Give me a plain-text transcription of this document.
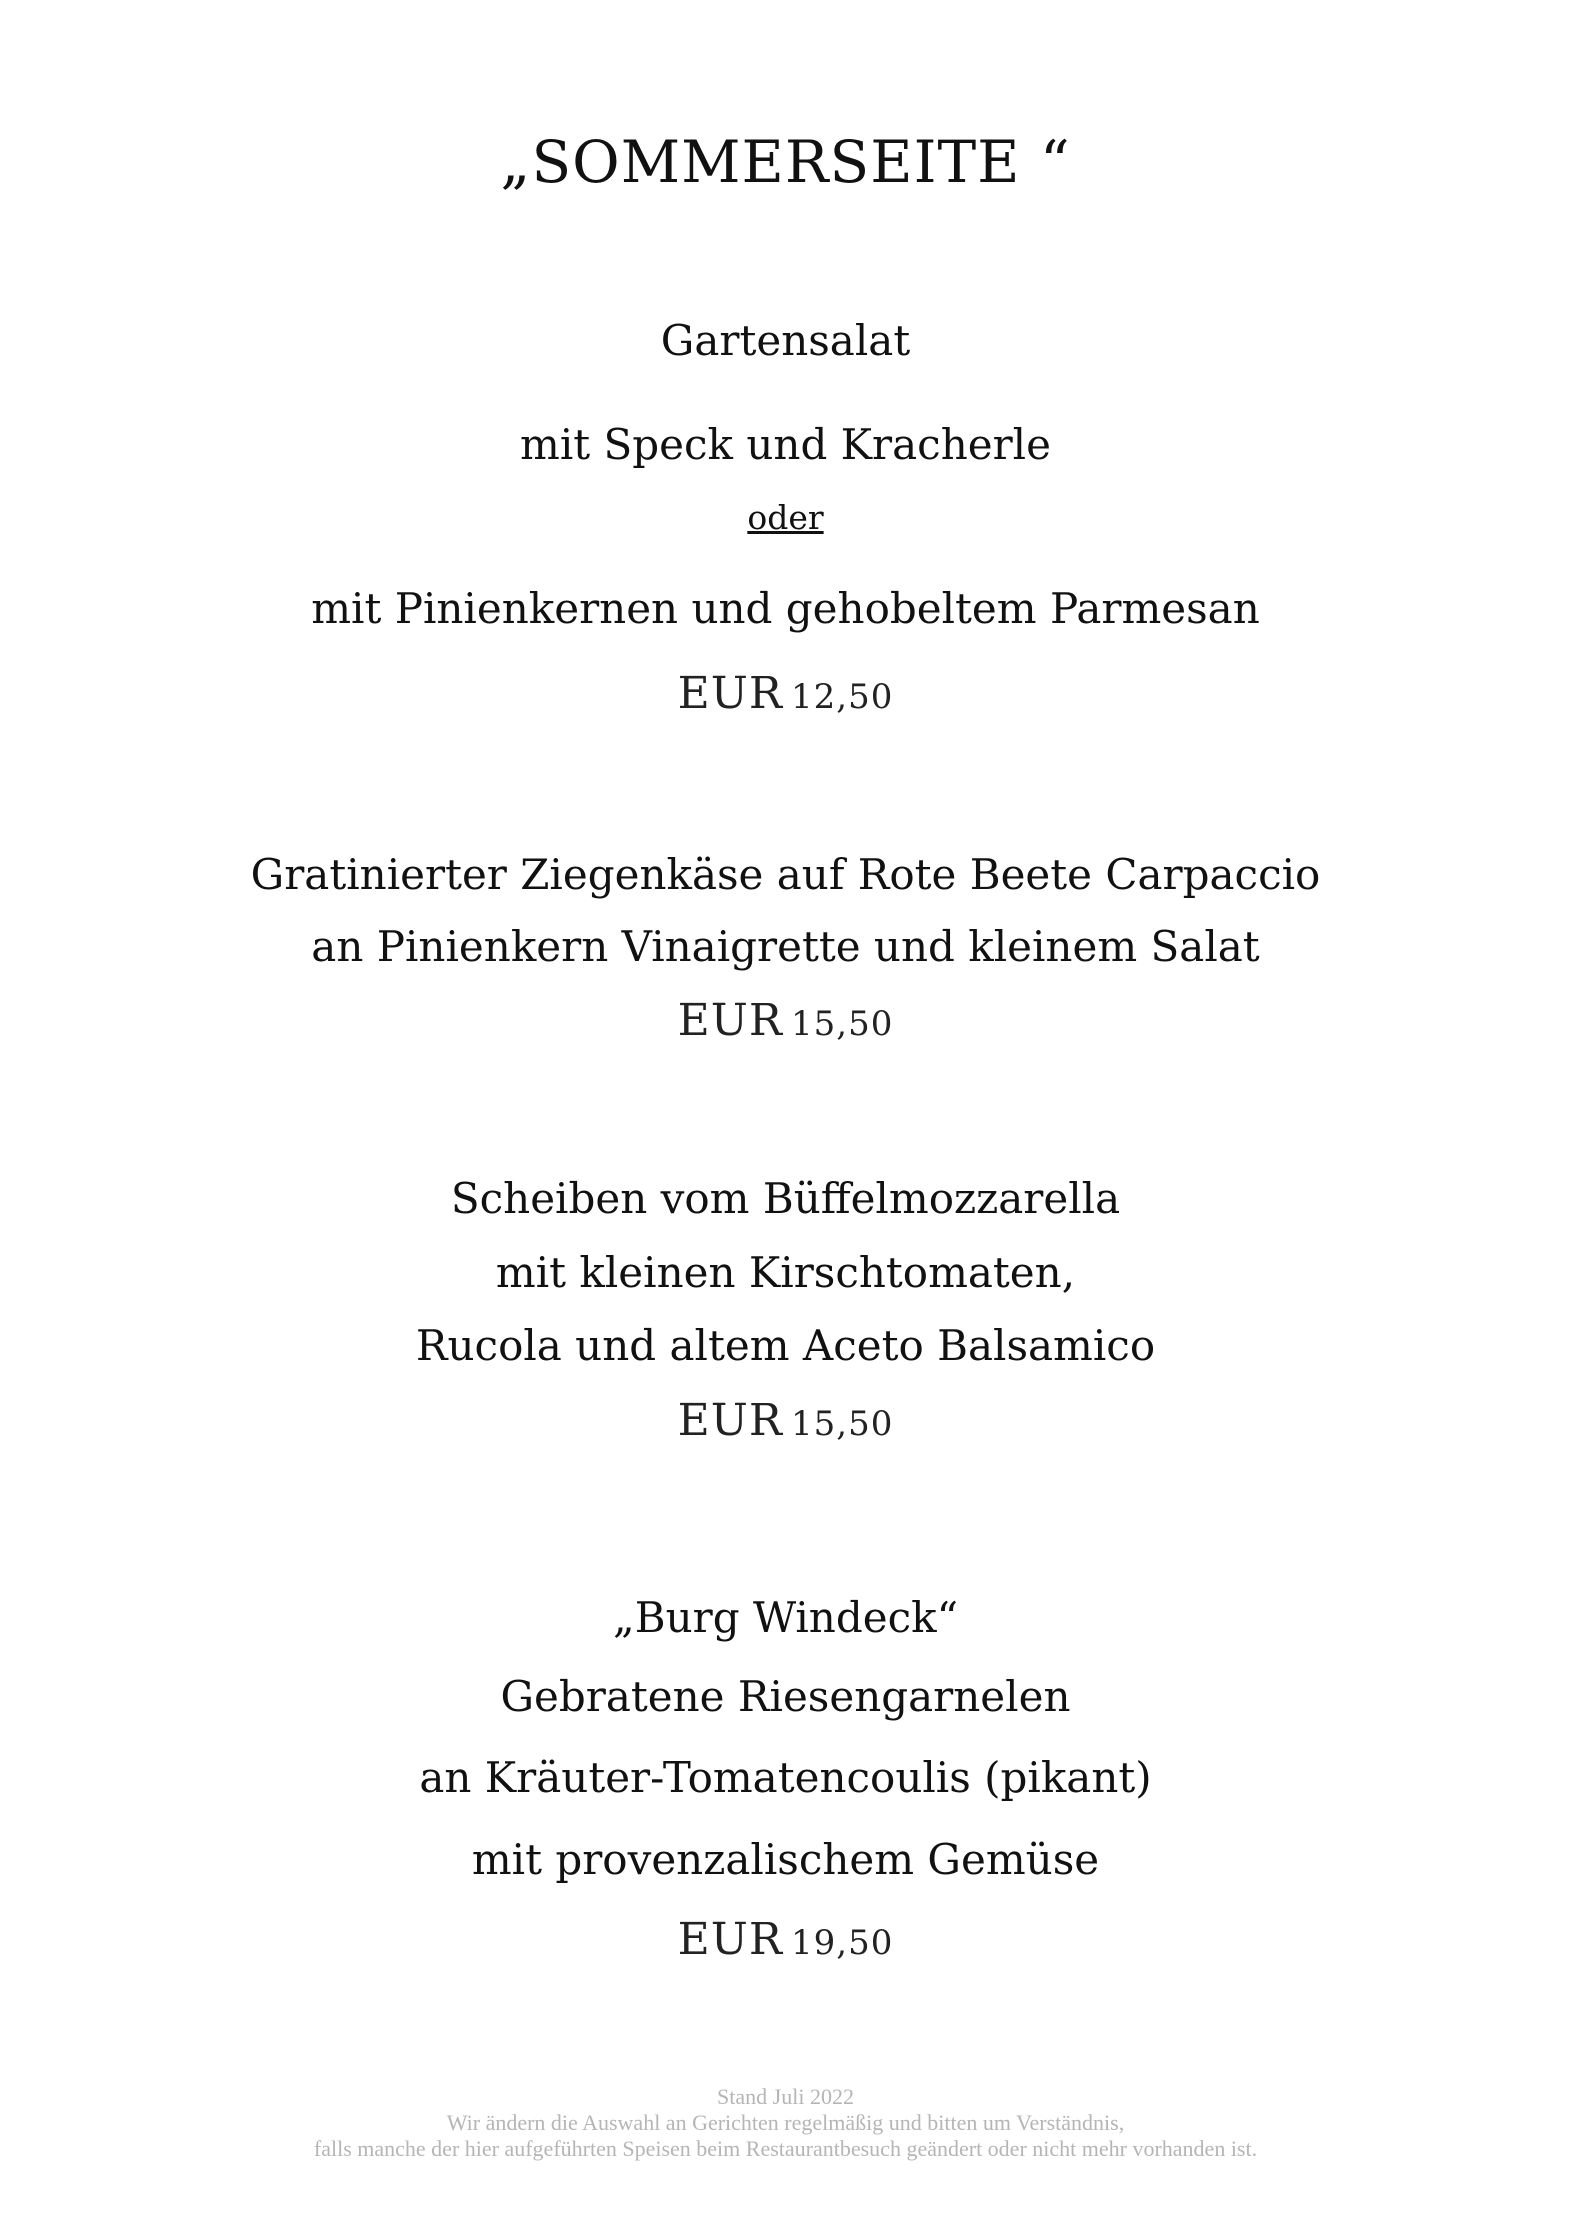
„SOMMERSEITE “
Gartensalat
mit Speck und Kracherle
oder
mit Pinienkernen und gehobeltem Parmesan
EUR 12,50
Gratinierter Ziegenkäse auf Rote Beete Carpaccio
an Pinienkern Vinaigrette und kleinem Salat
EUR 15,50
Scheiben vom Büffelmozzarella
mit kleinen Kirschtomaten,
Rucola und altem Aceto Balsamico
EUR 15,50
„Burg Windeck“
Gebratene Riesengarnelen
an Kräuter-Tomatencoulis (pikant)
mit provenzalischem Gemüse
EUR 19,50
Stand Juli 2022
Wir ändern die Auswahl an Gerichten regelmäßig und bitten um Verständnis,
falls manche der hier aufgeführten Speisen beim Restaurantbesuch geändert oder nicht mehr vorhanden ist.
